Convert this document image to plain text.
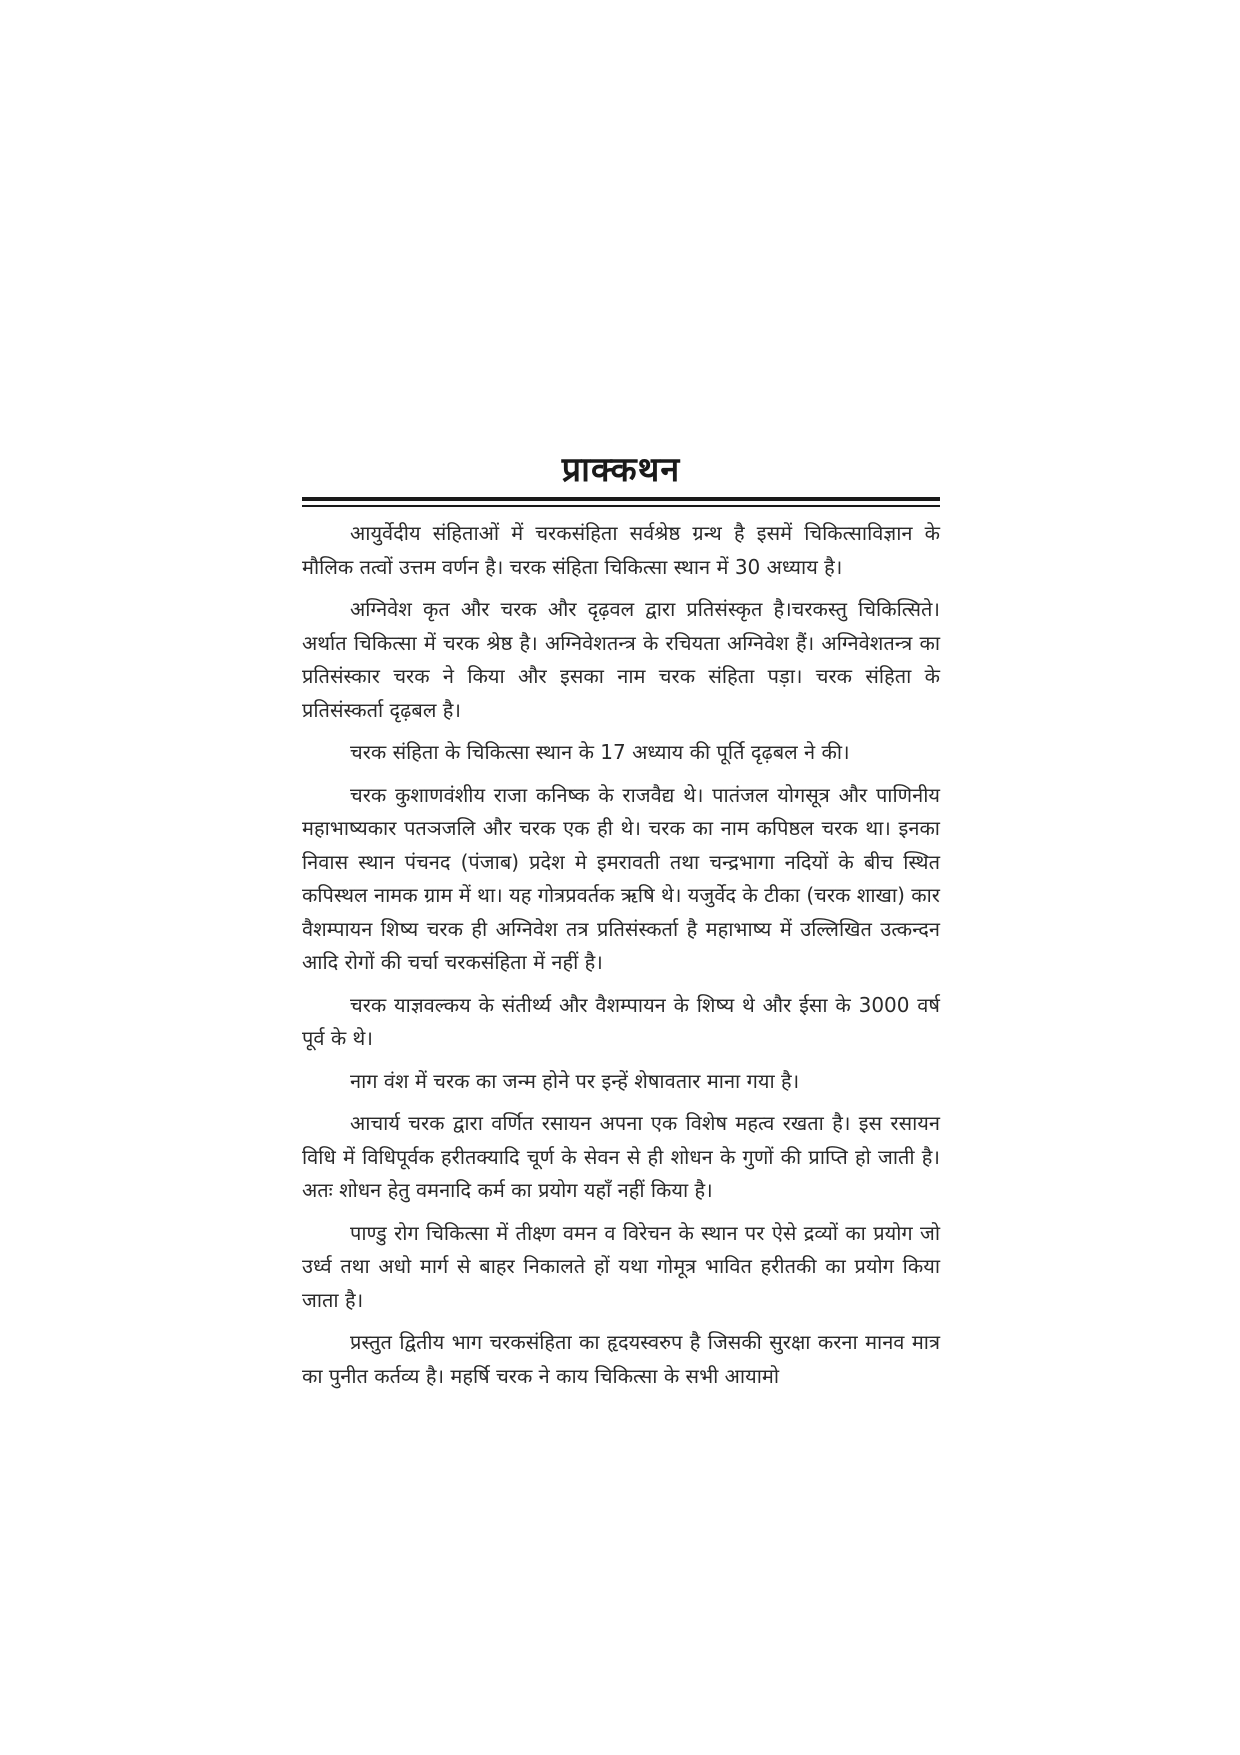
प्राक्कथन

आयुर्वेदीय संहिताओं में चरकसंहिता सर्वश्रेष्ठ ग्रन्थ है इसमें चिकित्साविज्ञान के मौलिक तत्वों उत्तम वर्णन है। चरक संहिता चिकित्सा स्थान में 30 अध्याय है।

अग्निवेश कृत और चरक और दृढ़वल द्वारा प्रतिसंस्कृत है।चरकस्तु चिकित्सिते। अर्थात चिकित्सा में चरक श्रेष्ठ है। अग्निवेशतन्त्र के रचियता अग्निवेश हैं। अग्निवेशतन्त्र का प्रतिसंस्कार चरक ने किया और इसका नाम चरक संहिता पड़ा। चरक संहिता के प्रतिसंस्कर्ता दृढ़बल है।

चरक संहिता के चिकित्सा स्थान के 17 अध्याय की पूर्ति दृढ़बल ने की।

चरक कुशाणवंशीय राजा कनिष्क के राजवैद्य थे। पातंजल योगसूत्र और पाणिनीय महाभाष्यकार पतञजलि और चरक एक ही थे। चरक का नाम कपिष्ठल चरक था। इनका निवास स्थान पंचनद (पंजाब) प्रदेश मे इमरावती तथा चन्द्रभागा नदियों के बीच स्थित कपिस्थल नामक ग्राम में था। यह गोत्रप्रवर्तक ऋषि थे। यजुर्वेद के टीका (चरक शाखा) कार वैशम्पायन शिष्य चरक ही अग्निवेश तत्र प्रतिसंस्कर्ता है महाभाष्य में उल्लिखित उत्कन्दन आदि रोगों की चर्चा चरकसंहिता में नहीं है।

चरक याज्ञवल्कय के संतीर्थ्य और वैशम्पायन के शिष्य थे और ईसा के 3000 वर्ष पूर्व के थे।

नाग वंश में चरक का जन्म होने पर इन्हें शेषावतार माना गया है।

आचार्य चरक द्वारा वर्णित रसायन अपना एक विशेष महत्व रखता है। इस रसायन विधि में विधिपूर्वक हरीतक्यादि चूर्ण के सेवन से ही शोधन के गुणों की प्राप्ति हो जाती है। अतः शोधन हेतु वमनादि कर्म का प्रयोग यहाँ नहीं किया है।

पाण्डु रोग चिकित्सा में तीक्ष्ण वमन व विरेचन के स्थान पर ऐसे द्रव्यों का प्रयोग जो उर्ध्व तथा अधो मार्ग से बाहर निकालते हों यथा गोमूत्र भावित हरीतकी का प्रयोग किया जाता है।

प्रस्तुत द्वितीय भाग चरकसंहिता का हृदयस्वरुप है जिसकी सुरक्षा करना मानव मात्र का पुनीत कर्तव्य है। महर्षि चरक ने काय चिकित्सा के सभी आयामो
